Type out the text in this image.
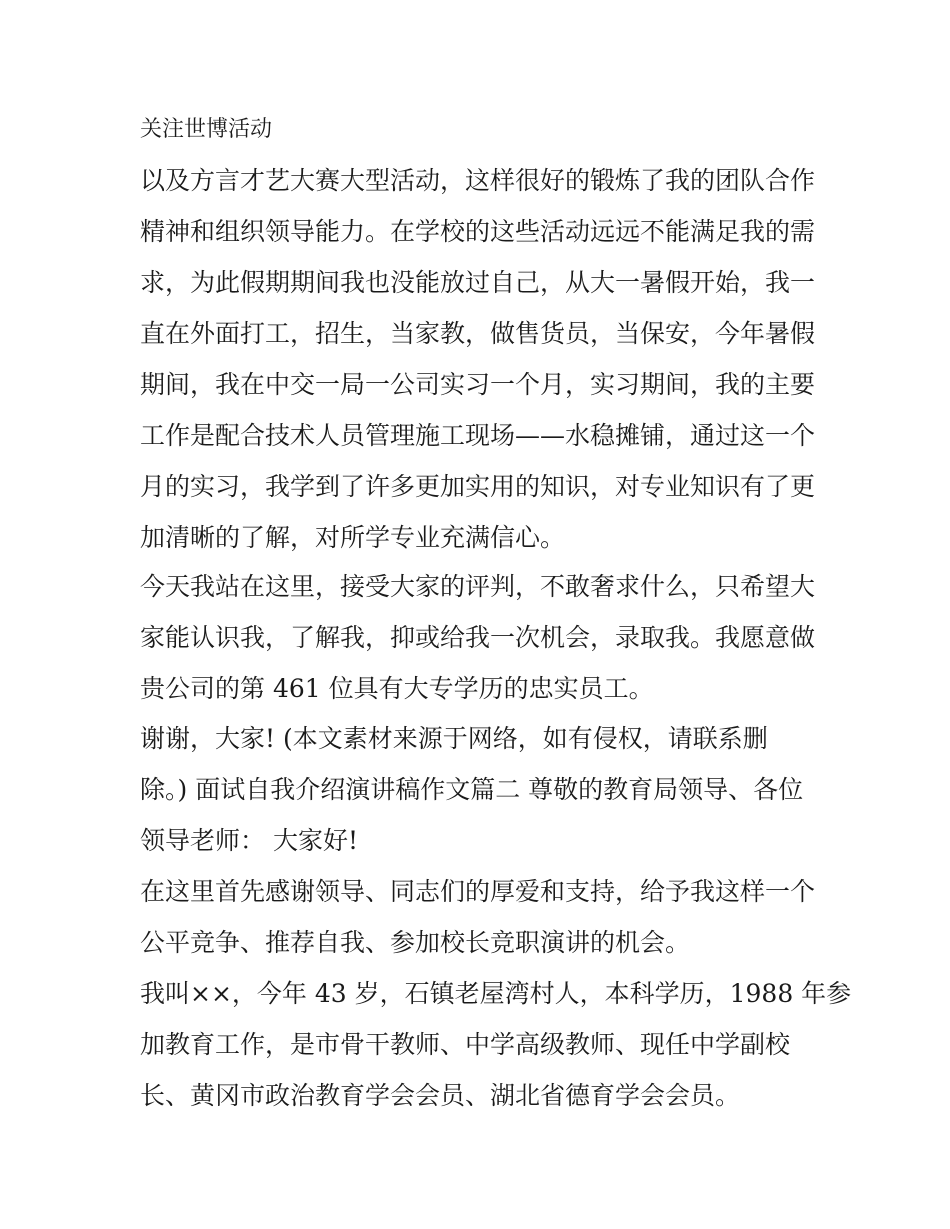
关注世博活动
以及方言才艺大赛大型活动，这样很好的锻炼了我的团队合作
精神和组织领导能力。在学校的这些活动远远不能满足我的需
求，为此假期期间我也没能放过自己，从大一暑假开始，我一
直在外面打工，招生，当家教，做售货员，当保安，今年暑假
期间，我在中交一局一公司实习一个月，实习期间，我的主要
工作是配合技术人员管理施工现场——水稳摊铺，通过这一个
月的实习，我学到了许多更加实用的知识，对专业知识有了更
加清晰的了解，对所学专业充满信心。
今天我站在这里，接受大家的评判，不敢奢求什么，只希望大
家能认识我，了解我，抑或给我一次机会，录取我。我愿意做
贵公司的第 461 位具有大专学历的忠实员工。
谢谢，大家! (本文素材来源于网络，如有侵权，请联系删
除。) 面试自我介绍演讲稿作文篇二 尊敬的教育局领导、各位
领导老师： 大家好!
在这里首先感谢领导、同志们的厚爱和支持，给予我这样一个
公平竞争、推荐自我、参加校长竞职演讲的机会。
我叫××，今年 43 岁，石镇老屋湾村人，本科学历，1988 年参
加教育工作，是市骨干教师、中学高级教师、现任中学副校
长、黄冈市政治教育学会会员、湖北省德育学会会员。
